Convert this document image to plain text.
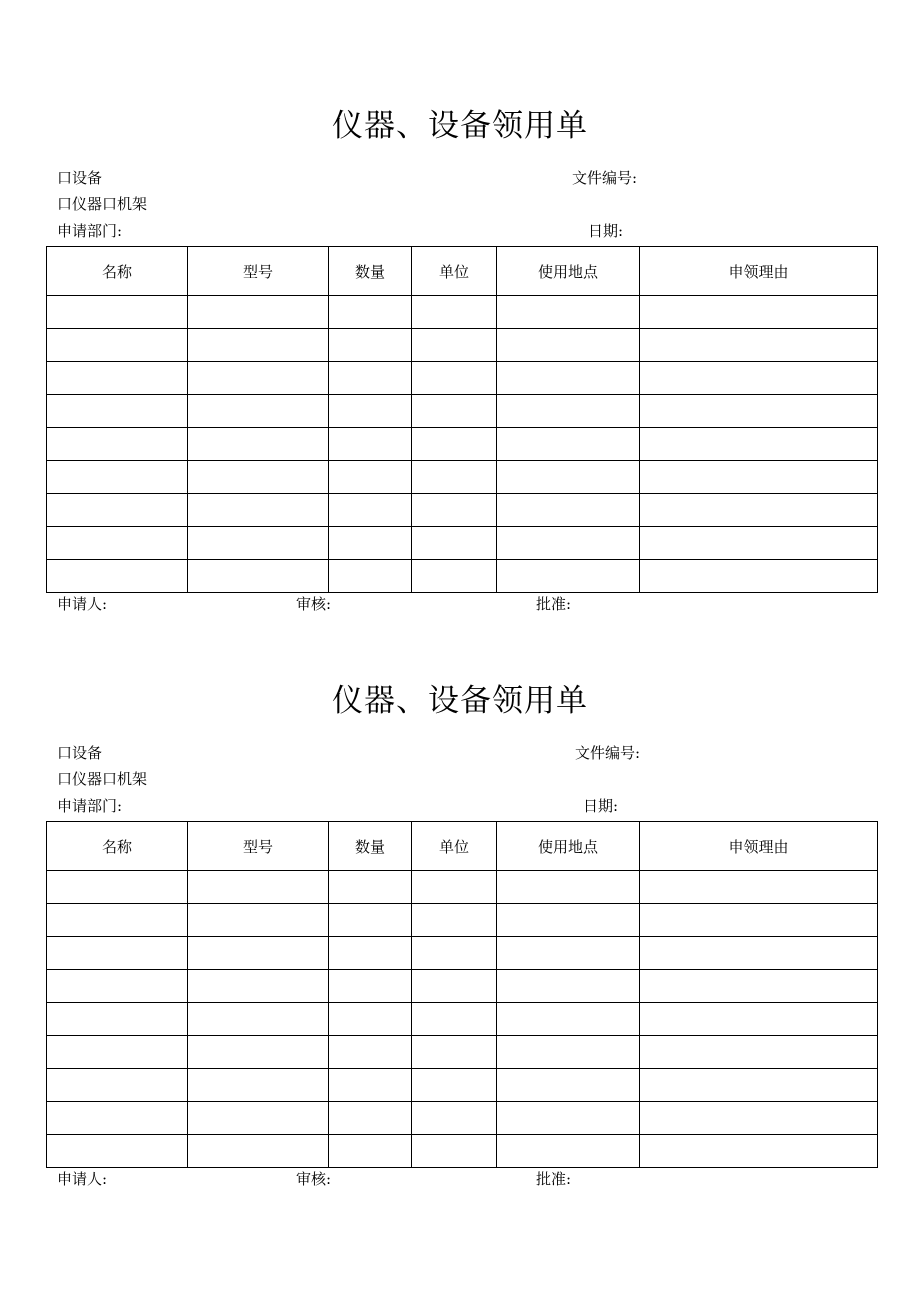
仪器、设备领用单
口设备	文件编号:
口仪器口机架
申请部门:	日期:
名称	型号	数量	单位	使用地点	申领理由

申请人:	审核:	批准:
仪器、设备领用单
口设备	文件编号:
口仪器口机架
申请部门:	日期:
名称	型号	数量	单位	使用地点	申领理由

申请人:	审核:	批准:
